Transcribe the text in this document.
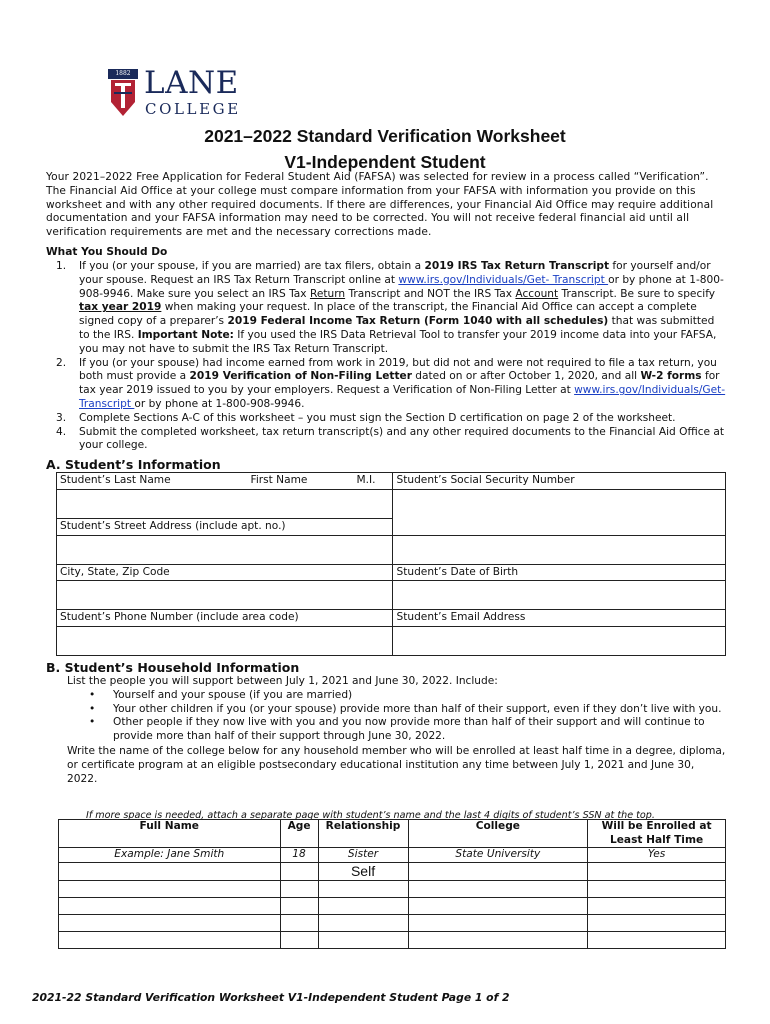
1882 LANE
COLLEGE
2021–2022 Standard Verification Worksheet
V1-Independent Student

Your 2021–2022 Free Application for Federal Student Aid (FAFSA) was selected for review in a process called “Verification”. The Financial Aid Office at your college must compare information from your FAFSA with information you provide on this worksheet and with any other required documents. If there are differences, your Financial Aid Office may require additional documentation and your FAFSA information may need to be corrected. You will not receive federal financial aid until all verification requirements are met and the necessary corrections made.

What You Should Do
1. If you (or your spouse, if you are married) are tax filers, obtain a 2019 IRS Tax Return Transcript for yourself and/or your spouse. Request an IRS Tax Return Transcript online at www.irs.gov/Individuals/Get- Transcript or by phone at 1-800-908-9946. Make sure you select an IRS Tax Return Transcript and NOT the IRS Tax Account Transcript. Be sure to specify tax year 2019 when making your request. In place of the transcript, the Financial Aid Office can accept a complete signed copy of a preparer’s 2019 Federal Income Tax Return (Form 1040 with all schedules) that was submitted to the IRS. Important Note: If you used the IRS Data Retrieval Tool to transfer your 2019 income data into your FAFSA, you may not have to submit the IRS Tax Return Transcript.
2. If you (or your spouse) had income earned from work in 2019, but did not and were not required to file a tax return, you both must provide a 2019 Verification of Non-Filing Letter dated on or after October 1, 2020, and all W-2 forms for tax year 2019 issued to you by your employers. Request a Verification of Non-Filing Letter at www.irs.gov/Individuals/Get-Transcript or by phone at 1-800-908-9946.
3. Complete Sections A-C of this worksheet – you must sign the Section D certification on page 2 of the worksheet.
4. Submit the completed worksheet, tax return transcript(s) and any other required documents to the Financial Aid Office at your college.
A. Student’s Information
Student’s Last Name First Name M.I.	Student’s Social Security Number

Student’s Street Address (include apt. no.)	

City, State, Zip Code	Student’s Date of Birth

Student’s Phone Number (include area code)	Student’s Email Address

B. Student’s Household Information

List the people you will support between July 1, 2021 and June 30, 2022. Include:

• Yourself and your spouse (if you are married)
• Your other children if you (or your spouse) provide more than half of their support, even if they don’t live with you.
• Other people if they now live with you and you now provide more than half of their support and will continue to provide more than half of their support through June 30, 2022.

Write the name of the college below for any household member who will be enrolled at least half time in a degree, diploma, or certificate program at an eligible postsecondary educational institution any time between July 1, 2021 and June 30, 2022.

If more space is needed, attach a separate page with student’s name and the last 4 digits of student’s SSN at the top.
Full Name	Age	Relationship	College	Will be Enrolled at Least Half Time
Example: Jane Smith	18	Sister	State University	Yes
		Self		

2021-22 Standard Verification Worksheet V1-Independent Student Page 1 of 2
